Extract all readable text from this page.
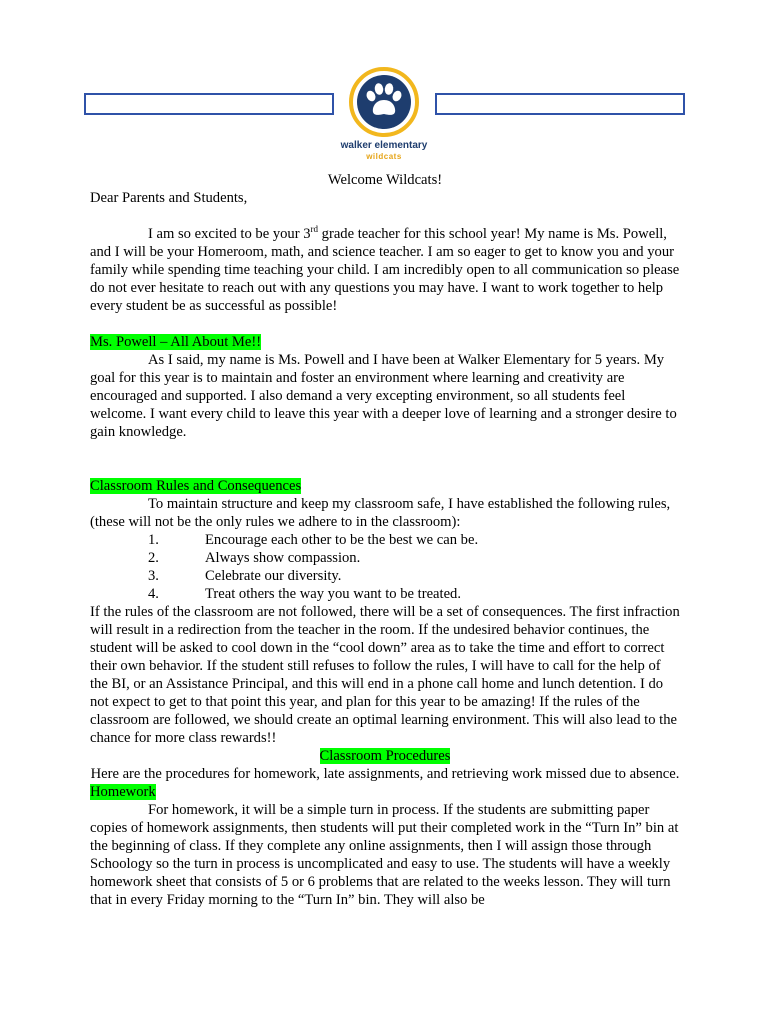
walker elementary
wildcats

Welcome Wildcats!

Dear Parents and Students,

I am so excited to be your 3rd grade teacher for this school year! My name is Ms. Powell, and I will be your Homeroom, math, and science teacher. I am so eager to get to know you and your family while spending time teaching your child. I am incredibly open to all communication so please do not ever hesitate to reach out with any questions you may have. I want to work together to help every student be as successful as possible!

Ms. Powell – All About Me!!

As I said, my name is Ms. Powell and I have been at Walker Elementary for 5 years. My goal for this year is to maintain and foster an environment where learning and creativity are encouraged and supported. I also demand a very excepting environment, so all students feel welcome. I want every child to leave this year with a deeper love of learning and a stronger desire to gain knowledge.

Classroom Rules and Consequences

To maintain structure and keep my classroom safe, I have established the following rules, (these will not be the only rules we adhere to in the classroom):

1.	Encourage each other to be the best we can be.
2.	Always show compassion.
3.	Celebrate our diversity.
4.	Treat others the way you want to be treated.

If the rules of the classroom are not followed, there will be a set of consequences. The first infraction will result in a redirection from the teacher in the room. If the undesired behavior continues, the student will be asked to cool down in the “cool down” area as to take the time and effort to correct their own behavior. If the student still refuses to follow the rules, I will have to call for the help of the BI, or an Assistance Principal, and this will end in a phone call home and lunch detention. I do not expect to get to that point this year, and plan for this year to be amazing! If the rules of the classroom are followed, we should create an optimal learning environment. This will also lead to the chance for more class rewards!!

Classroom Procedures

Here are the procedures for homework, late assignments, and retrieving work missed due to absence.

Homework

For homework, it will be a simple turn in process. If the students are submitting paper copies of homework assignments, then students will put their completed work in the “Turn In” bin at the beginning of class. If they complete any online assignments, then I will assign those through Schoology so the turn in process is uncomplicated and easy to use. The students will have a weekly homework sheet that consists of 5 or 6 problems that are related to the weeks lesson. They will turn that in every Friday morning to the “Turn In” bin. They will also be
